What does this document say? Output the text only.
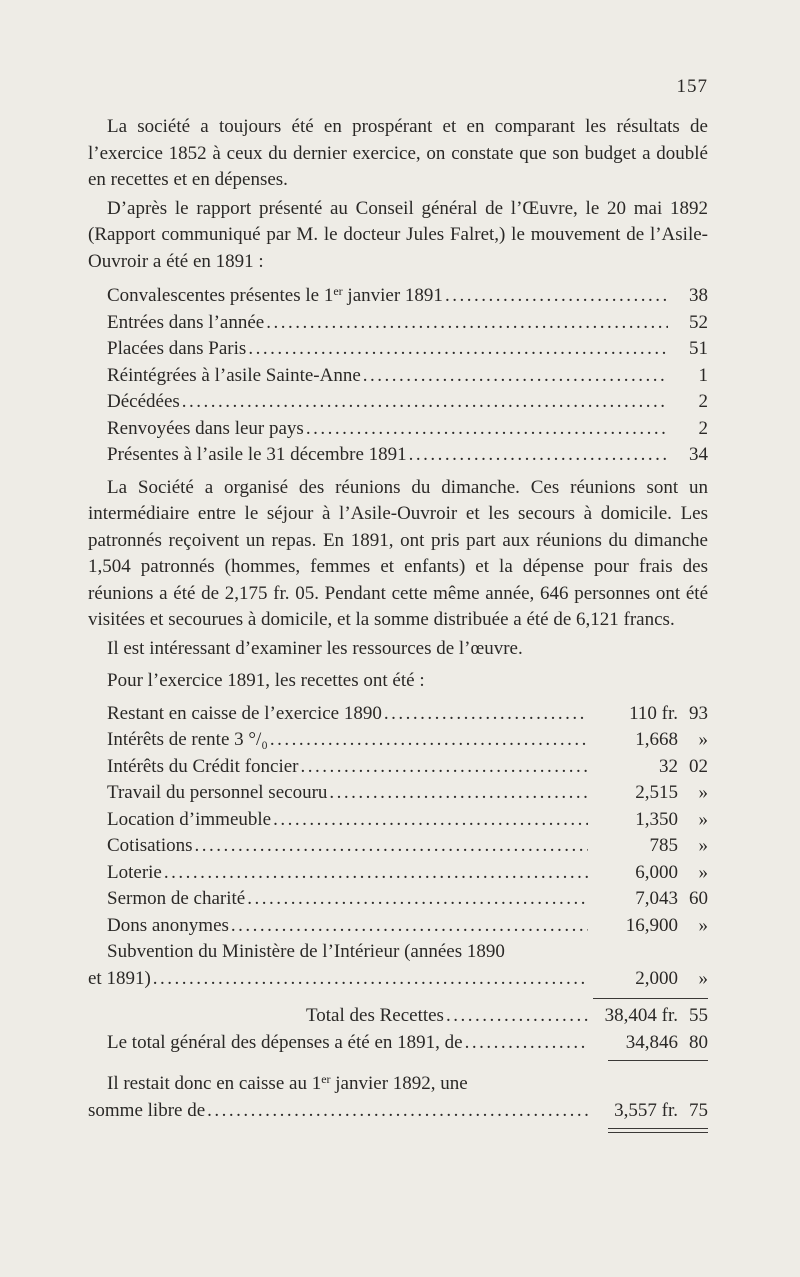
157

La société a toujours été en prospérant et en comparant les résultats de l’exercice 1852 à ceux du dernier exercice, on constate que son budget a doublé en recettes et en dépenses.

D’après le rapport présenté au Conseil général de l’Œuvre, le 20 mai 1892 (Rapport communiqué par M. le docteur Jules Falret,) le mouvement de l’Asile-Ouvroir a été en 1891 :

Convalescentes présentes le 1er janvier 1891 .....	38
Entrées dans l’année .....	52
Placées dans Paris .....	51
Réintégrées à l’asile Sainte-Anne .....	1
Décédées .....	2
Renvoyées dans leur pays .....	2
Présentes à l’asile le 31 décembre 1891 .....	34

La Société a organisé des réunions du dimanche. Ces réunions sont un intermédiaire entre le séjour à l’Asile-Ouvroir et les secours à domicile. Les patronnés reçoivent un repas. En 1891, ont pris part aux réunions du dimanche 1,504 patronnés (hommes, femmes et enfants) et la dépense pour frais des réunions a été de 2,175 fr. 05. Pendant cette même année, 646 personnes ont été visitées et secourues à domicile, et la somme distribuée a été de 6,121 francs.

Il est intéressant d’examiner les ressources de l’œuvre.

Pour l’exercice 1891, les recettes ont été :

Restant en caisse de l’exercice 1890 .....	110 fr. 93
Intérêts de rente 3 °/₀ .....	1,668	»
Intérêts du Crédit foncier .....	32 02
Travail du personnel secouru .....	2,515	»
Location d’immeuble .....	1,350	»
Cotisations .....	785	»
Loterie .....	6,000	»
Sermon de charité .....	7,043 60
Dons anonymes .....	16,900	»
Subvention du Ministère de l’Intérieur (années 1890
et 1891) .....	2,000	»
Total des Recettes .....	38,404 fr. 55
Le total général des dépenses a été en 1891, de .....	34,846 80
Il restait donc en caisse au 1er janvier 1892, une
somme libre de .....	3,557 fr. 75
